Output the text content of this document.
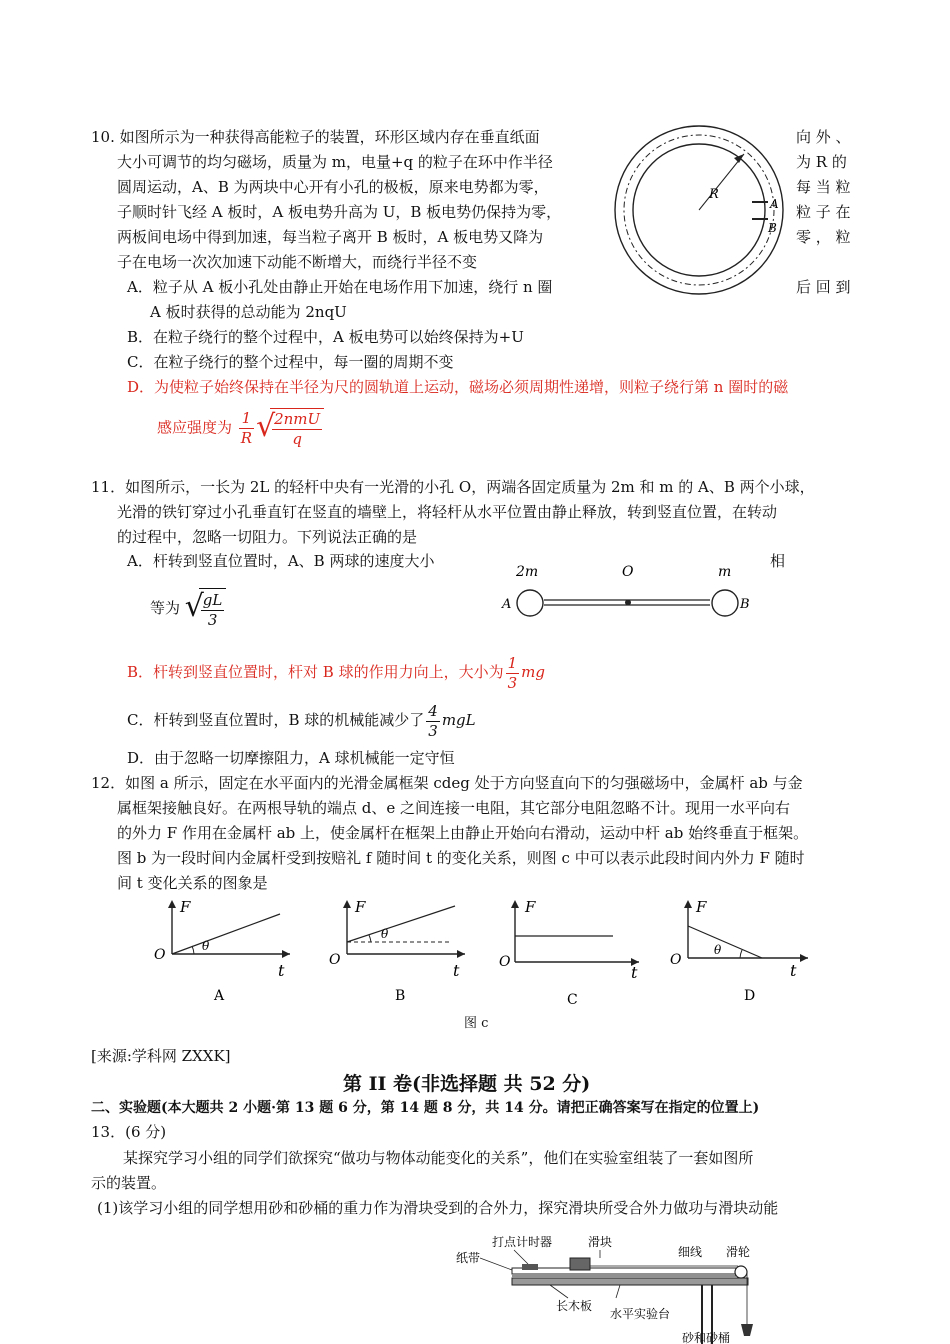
10. 如图所示为一种获得高能粒子的装置，环形区域内存在垂直纸面
大小可调节的均匀磁场，质量为 m，电量+q 的粒子在环中作半径
圆周运动，A、B 为两块中心开有小孔的极板，原来电势都为零，
子顺时针飞经 A 板时，A 板电势升高为 U，B 板电势仍保持为零，
两板间电场中得到加速，每当粒子离开 B 板时，A 板电势又降为
子在电场一次次加速下动能不断增大，而绕行半径不变
向 外 、
为 R 的
每 当 粒
粒 子 在
零 ， 粒
R
A
B
A．粒子从 A 板小孔处由静止开始在电场作用下加速，绕行 n 圈	后 回 到
A 板时获得的总动能为 2nqU
B．在粒子绕行的整个过程中，A 板电势可以始终保持为+U
C．在粒子绕行的整个过程中，每一圈的周期不变
D．为使粒子始终保持在半径为尺的圆轨道上运动，磁场必须周期性递增，则粒子绕行第 n 圈时的磁
感应强度为 $\frac{1}{R}$ √
$\frac{\text{2nmU}}{q}$
11．如图所示，一长为 2L 的轻杆中央有一光滑的小孔 O，两端各固定质量为 2m 和 m 的 A、B 两个小球，
光滑的铁钉穿过小孔垂直钉在竖直的墙壁上，将轻杆从水平位置由静止释放，转到竖直位置，在转动
的过程中，忽略一切阻力。下列说法正确的是
A．杆转到竖直位置时，A、B 两球的速度大小	相
等为 √
$\frac{gL}{3}$
2m	O	m
A	B
B．杆转到竖直位置时，杆对 B 球的作用力向上，大小为 $\frac{1}{3}$ mg
C．杆转到竖直位置时，B 球的机械能减少了 $\frac{4}{3}$ mgL
D．由于忽略一切摩擦阻力，A 球机械能一定守恒
12．如图 a 所示，固定在水平面内的光滑金属框架 cdeg 处于方向竖直向下的匀强磁场中，金属杆 ab 与金
属框架接触良好。在两根导轨的端点 d、e 之间连接一电阻，其它部分电阻忽略不计。现用一水平向右
的外力 F 作用在金属杆 ab 上，使金属杆在框架上由静止开始向右滑动，运动中杆 ab 始终垂直于框架。
图 b 为一段时间内金属杆受到按赔礼 f 随时间 t 的变化关系，则图 c 中可以表示此段时间内外力 F 随时
间 t 变化关系的图象是
F
O
t
θ
A
F
O
t
θ
B
F
O
t
C
F
O
t
θ
D
图 c
[来源:学科网 ZXXK]
第 II 卷(非选择题 共 52 分)
二、实验题(本大题共 2 小题·第 13 题 6 分，第 14 题 8 分，共 14 分。请把正确答案写在指定的位置上)
13．(6 分)
某探究学习小组的同学们欲探究“做功与物体动能变化的关系”，他们在实验室组装了一套如图所
示的装置。
(1)该学习小组的同学想用砂和砂桶的重力作为滑块受到的合外力，探究滑块所受合外力做功与滑块动能
打点计时器	滑块
细线 滑轮
纸带
长木板
水平实验台
砂和砂桶
